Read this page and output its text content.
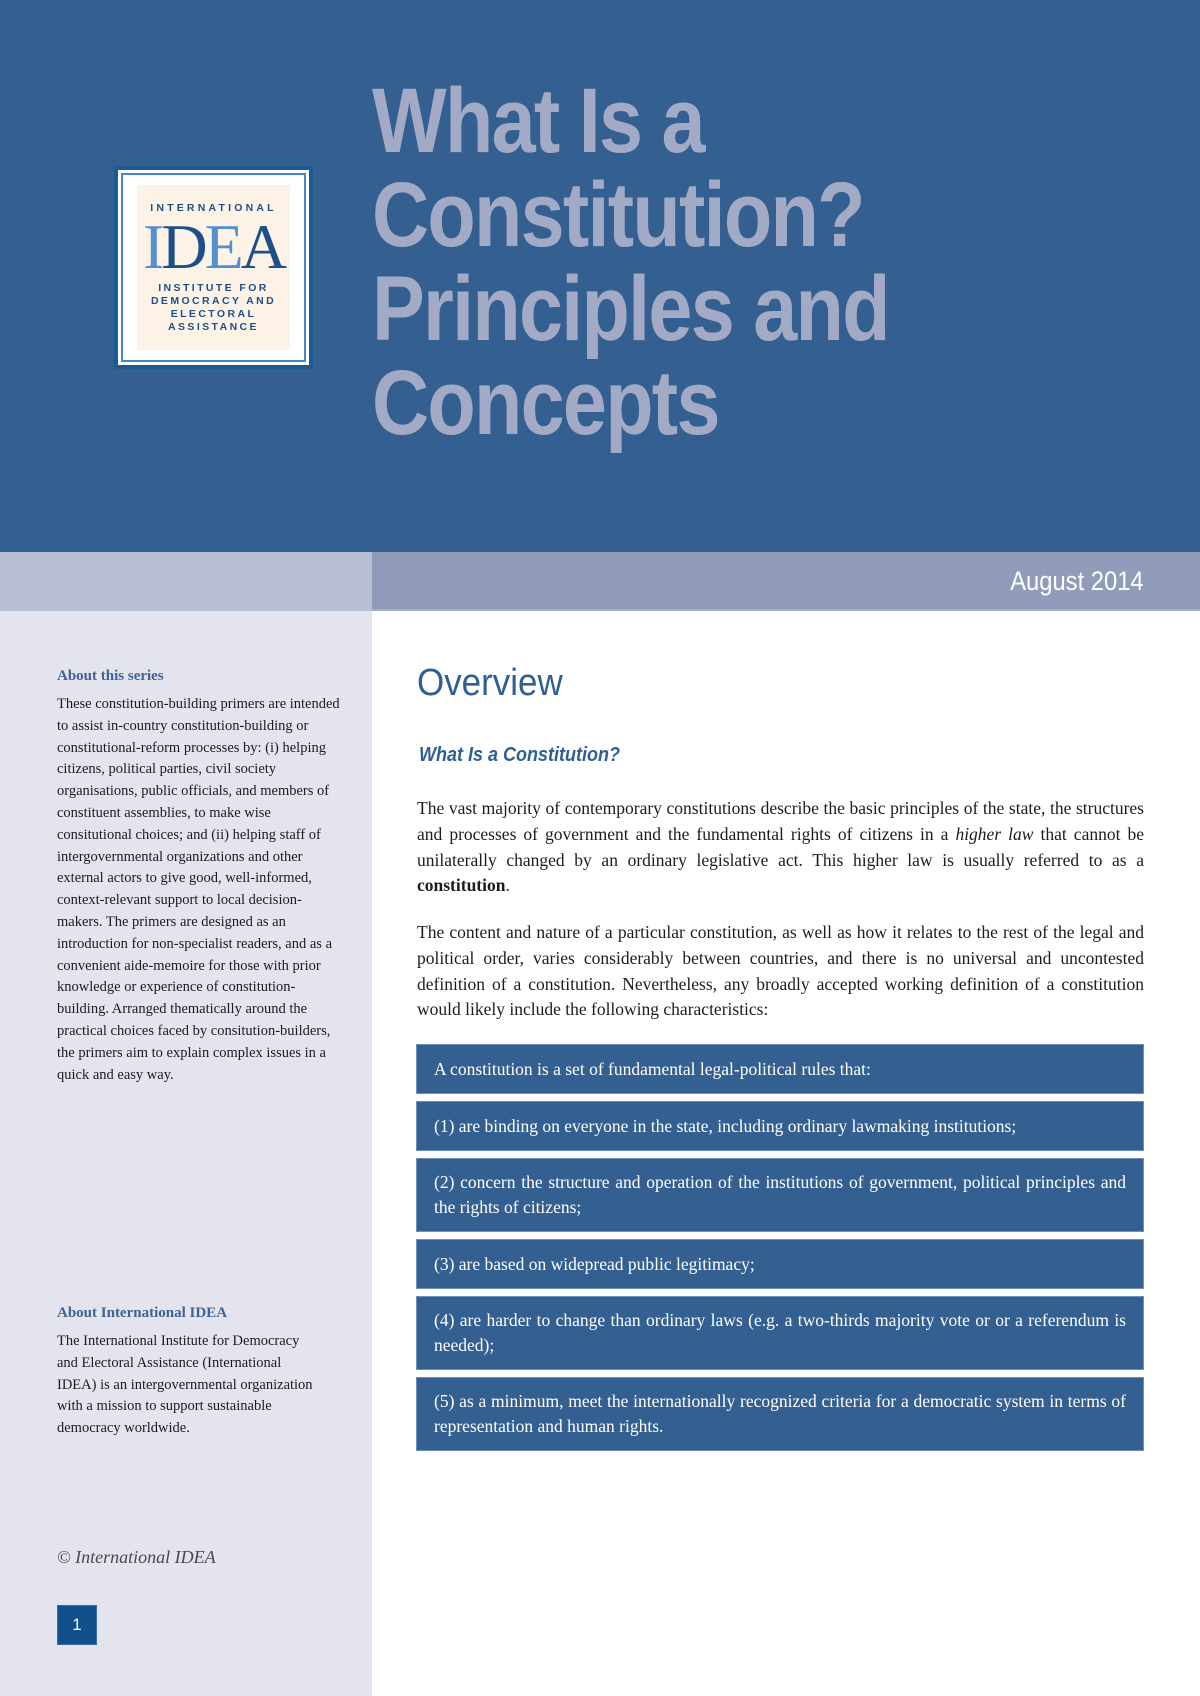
INTERNATIONAL
IDEA
INSTITUTE FOR
DEMOCRACY AND
ELECTORAL
ASSISTANCE
What Is a
Constitution?
Principles and
Concepts
August 2014
About this series
These constitution-building primers are intended to assist in-country constitution-building or constitutional-reform processes by: (i) helping citizens, political parties, civil society organisations, public officials, and members of constituent assemblies, to make wise consitutional choices; and (ii) helping staff of intergovernmental organizations and other external actors to give good, well-informed, context-relevant support to local decision-makers. The primers are designed as an introduction for non-specialist readers, and as a convenient aide-memoire for those with prior knowledge or experience of constitution-building. Arranged thematically around the practical choices faced by consitution-builders, the primers aim to explain complex issues in a quick and easy way.
About International IDEA
The International Institute for Democracy and Electoral Assistance (International IDEA) is an intergovernmental organization with a mission to support sustainable democracy worldwide.
© International IDEA
1
Overview
What Is a Constitution?
The vast majority of contemporary constitutions describe the basic principles of the state, the structures and processes of government and the fundamental rights of citizens in a higher law that cannot be unilaterally changed by an ordinary legislative act. This higher law is usually referred to as a constitution.
The content and nature of a particular constitution, as well as how it relates to the rest of the legal and political order, varies considerably between countries, and there is no universal and uncontested definition of a constitution. Nevertheless, any broadly accepted working definition of a constitution would likely include the following characteristics:
A constitution is a set of fundamental legal-political rules that:
(1) are binding on everyone in the state, including ordinary lawmaking institutions;
(2) concern the structure and operation of the institutions of government, political principles and the rights of citizens;
(3) are based on widepread public legitimacy;
(4) are harder to change than ordinary laws (e.g. a two-thirds majority vote or or a referendum is needed);
(5) as a minimum, meet the internationally recognized criteria for a democratic system in terms of representation and human rights.
